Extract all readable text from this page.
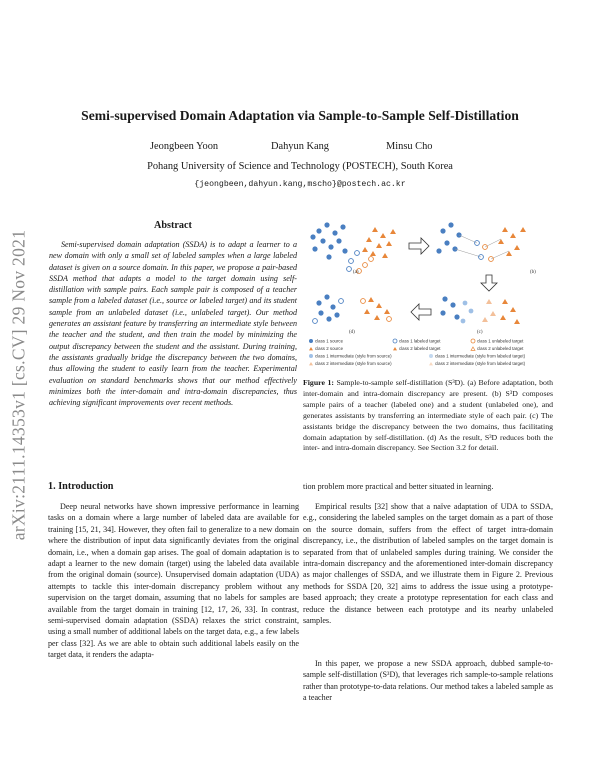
arXiv:2111.14353v1 [cs.CV] 29 Nov 2021
Semi-supervised Domain Adaptation via Sample-to-Sample Self-Distillation
Jeongbeen Yoon	Dahyun Kang	Minsu Cho
Pohang University of Science and Technology (POSTECH), South Korea
{jeongbeen,dahyun.kang,mscho}@postech.ac.kr
Abstract

Semi-supervised domain adaptation (SSDA) is to adapt a learner to a new domain with only a small set of labeled samples when a large labeled dataset is given on a source domain. In this paper, we propose a pair-based SSDA method that adapts a model to the target domain using self-distillation with sample pairs. Each sample pair is composed of a teacher sample from a labeled dataset (i.e., source or labeled target) and its student sample from an unlabeled dataset (i.e., unlabeled target). Our method generates an assistant feature by transferring an intermediate style between the teacher and the student, and then train the model by minimizing the output discrepancy between the student and the assistant. During training, the assistants gradually bridge the discrepancy between the two domains, thus allowing the student to easily learn from the teacher. Experimental evaluation on standard benchmarks shows that our method effectively minimizes both the inter-domain and intra-domain discrepancies, thus achieving significant improvements over recent methods.

1. Introduction

Deep neural networks have shown impressive performance in learning tasks on a domain where a large number of labeled data are available for training [15, 21, 34]. However, they often fail to generalize to a new domain where the distribution of input data significantly deviates from the original domain, i.e., when a domain gap arises. The goal of domain adaptation is to adapt a learner to the new domain (target) using the labeled data available from the original domain (source). Unsupervised domain adaptation (UDA) attempts to tackle this inter-domain discrepancy problem without any supervision on the target domain, assuming that no labels for samples are available from the target domain in training [12, 17, 26, 33]. In contrast, semi-supervised domain adaptation (SSDA) relaxes the strict constraint, using a small number of additional labels on the target data, e.g., a few labels per class [32]. As we are able to obtain such additional labels easily on the target data, it renders the adapta-

(a)	(b)
(d)	(c)
class 1 source	class 1 labeled target	class 1 unlabeled target
class 2 source	class 2 labeled target	class 2 unlabeled target
class 1 intermediate (style from source)	class 1 intermediate (style from labeled target)
class 2 intermediate (style from source)	class 2 intermediate (style from labeled target)
Figure 1: Sample-to-sample self-distillation (S³D). (a) Before adaptation, both inter-domain and intra-domain discrepancy are present. (b) S³D composes sample pairs of a teacher (labeled one) and a student (unlabeled one), and generates assistants by transferring an intermediate style of each pair. (c) The assistants bridge the discrepancy between the two domains, thus facilitating domain adaptation by self-distillation. (d) As the result, S³D reduces both the inter- and intra-domain discrepancy. See Section 3.2 for detail.

tion problem more practical and better situated in learning.

Empirical results [32] show that a naïve adaptation of UDA to SSDA, e.g., considering the labeled samples on the target domain as a part of those on the source domain, suffers from the effect of target intra-domain discrepancy, i.e., the distribution of labeled samples on the target domain is separated from that of unlabeled samples during training. We consider the intra-domain discrepancy and the aforementioned inter-domain discrepancy as major challenges of SSDA, and we illustrate them in Figure 2. Previous methods for SSDA [20, 32] aims to address the issue using a prototype-based approach; they create a prototype representation for each class and reduce the distance between each prototype and its nearby unlabeled samples.

In this paper, we propose a new SSDA approach, dubbed sample-to-sample self-distillation (S³D), that leverages rich sample-to-sample relations rather than prototype-to-data relations. Our method takes a labeled sample as a teacher
